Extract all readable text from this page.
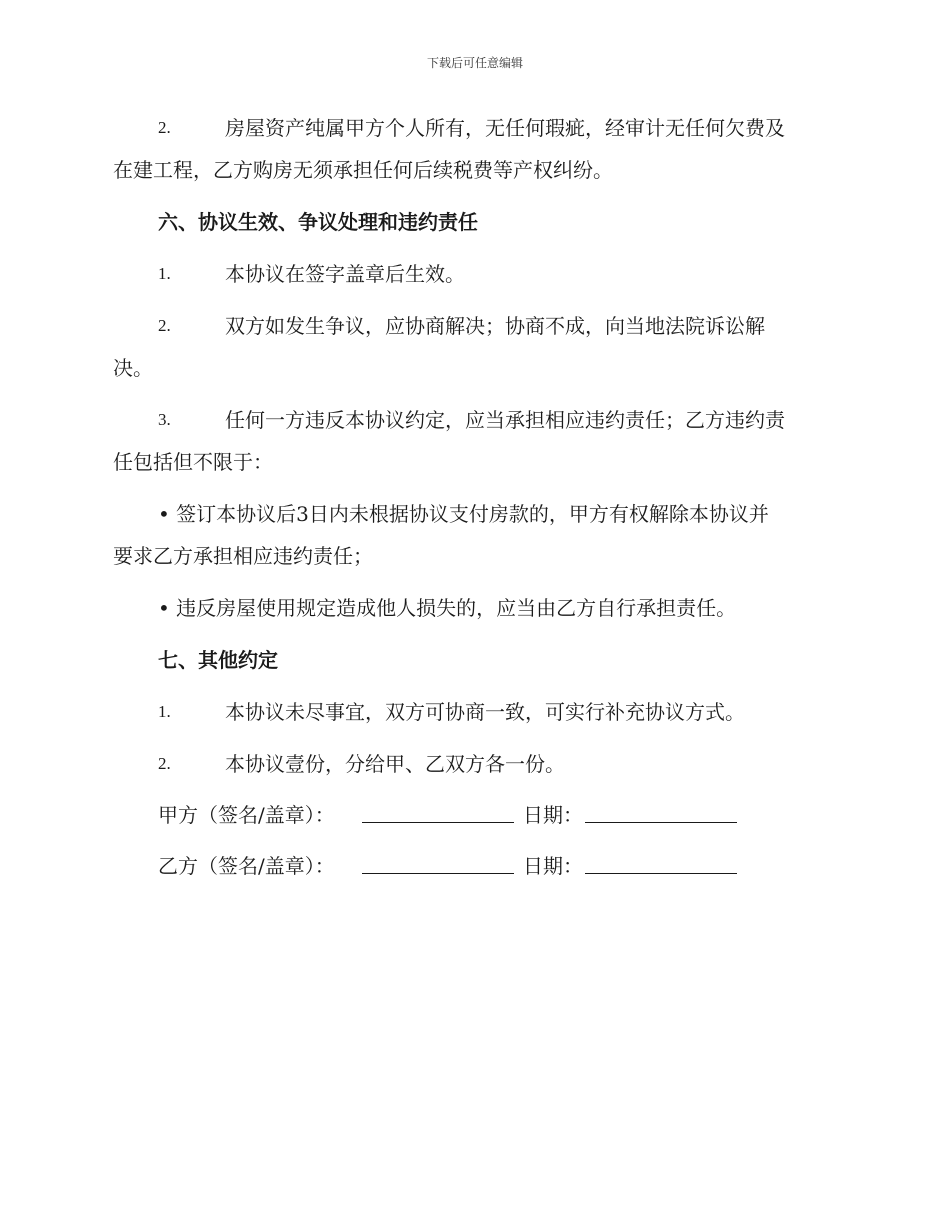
下载后可任意编辑
2.	房屋资产纯属甲方个人所有，无任何瑕疵，经审计无任何欠费及
在建工程，乙方购房无须承担任何后续税费等产权纠纷。
六、协议生效、争议处理和违约责任
1.	本协议在签字盖章后生效。
2.	双方如发生争议，应协商解决；协商不成，向当地法院诉讼解
决。
3.	任何一方违反本协议约定，应当承担相应违约责任；乙方违约责
任包括但不限于：
• 签订本协议后3日内未根据协议支付房款的，甲方有权解除本协议并
要求乙方承担相应违约责任；
• 违反房屋使用规定造成他人损失的，应当由乙方自行承担责任。
七、其他约定
1.	本协议未尽事宜，双方可协商一致，可实行补充协议方式。
2.	本协议壹份，分给甲、乙双方各一份。
甲方（签名/盖章）：	日期：
乙方（签名/盖章）：	日期：
